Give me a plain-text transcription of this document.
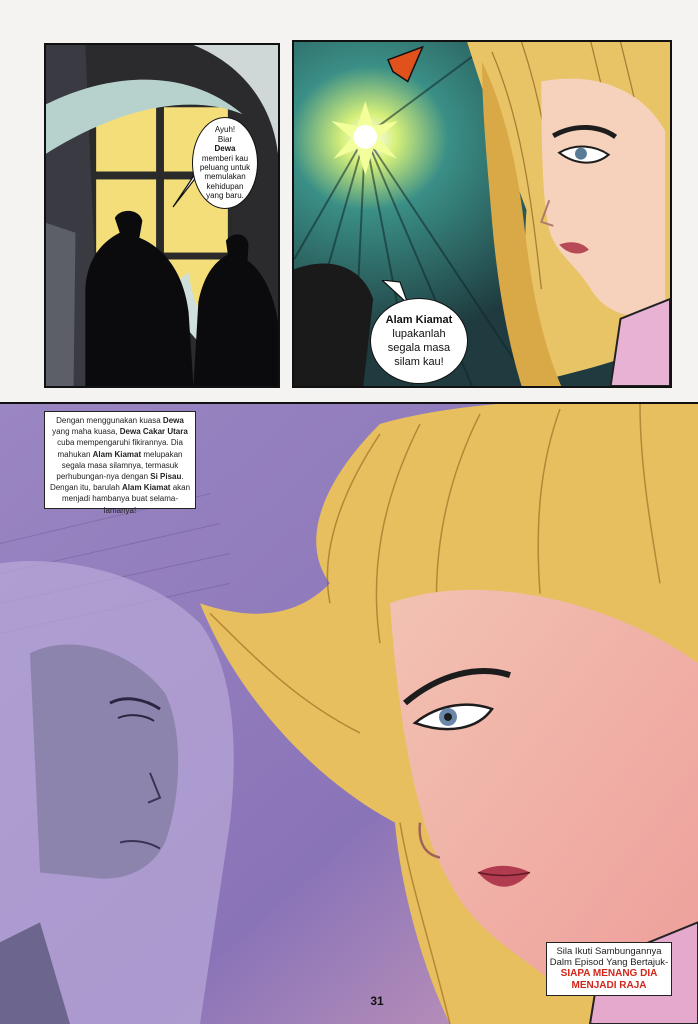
Ayuh!
Biar
Dewa
memberi kau
peluang untuk
memulakan
kehidupan
yang baru.
Alam Kiamat
lupakanlah
segala masa
silam kau!
Dengan menggunakan kuasa Dewa yang maha kuasa, Dewa Cakar Utara cuba mempengaruhi fikirannya. Dia mahukan Alam Kiamat melupakan segala masa silamnya, termasuk perhubungan-nya dengan Si Pisau. Dengan itu, barulah Alam Kiamat akan menjadi hambanya buat selama-lamanya!
Sila Ikuti Sambungannya
Dalm Episod Yang Bertajuk-
SIAPA MENANG DIA
MENJADI RAJA
31
